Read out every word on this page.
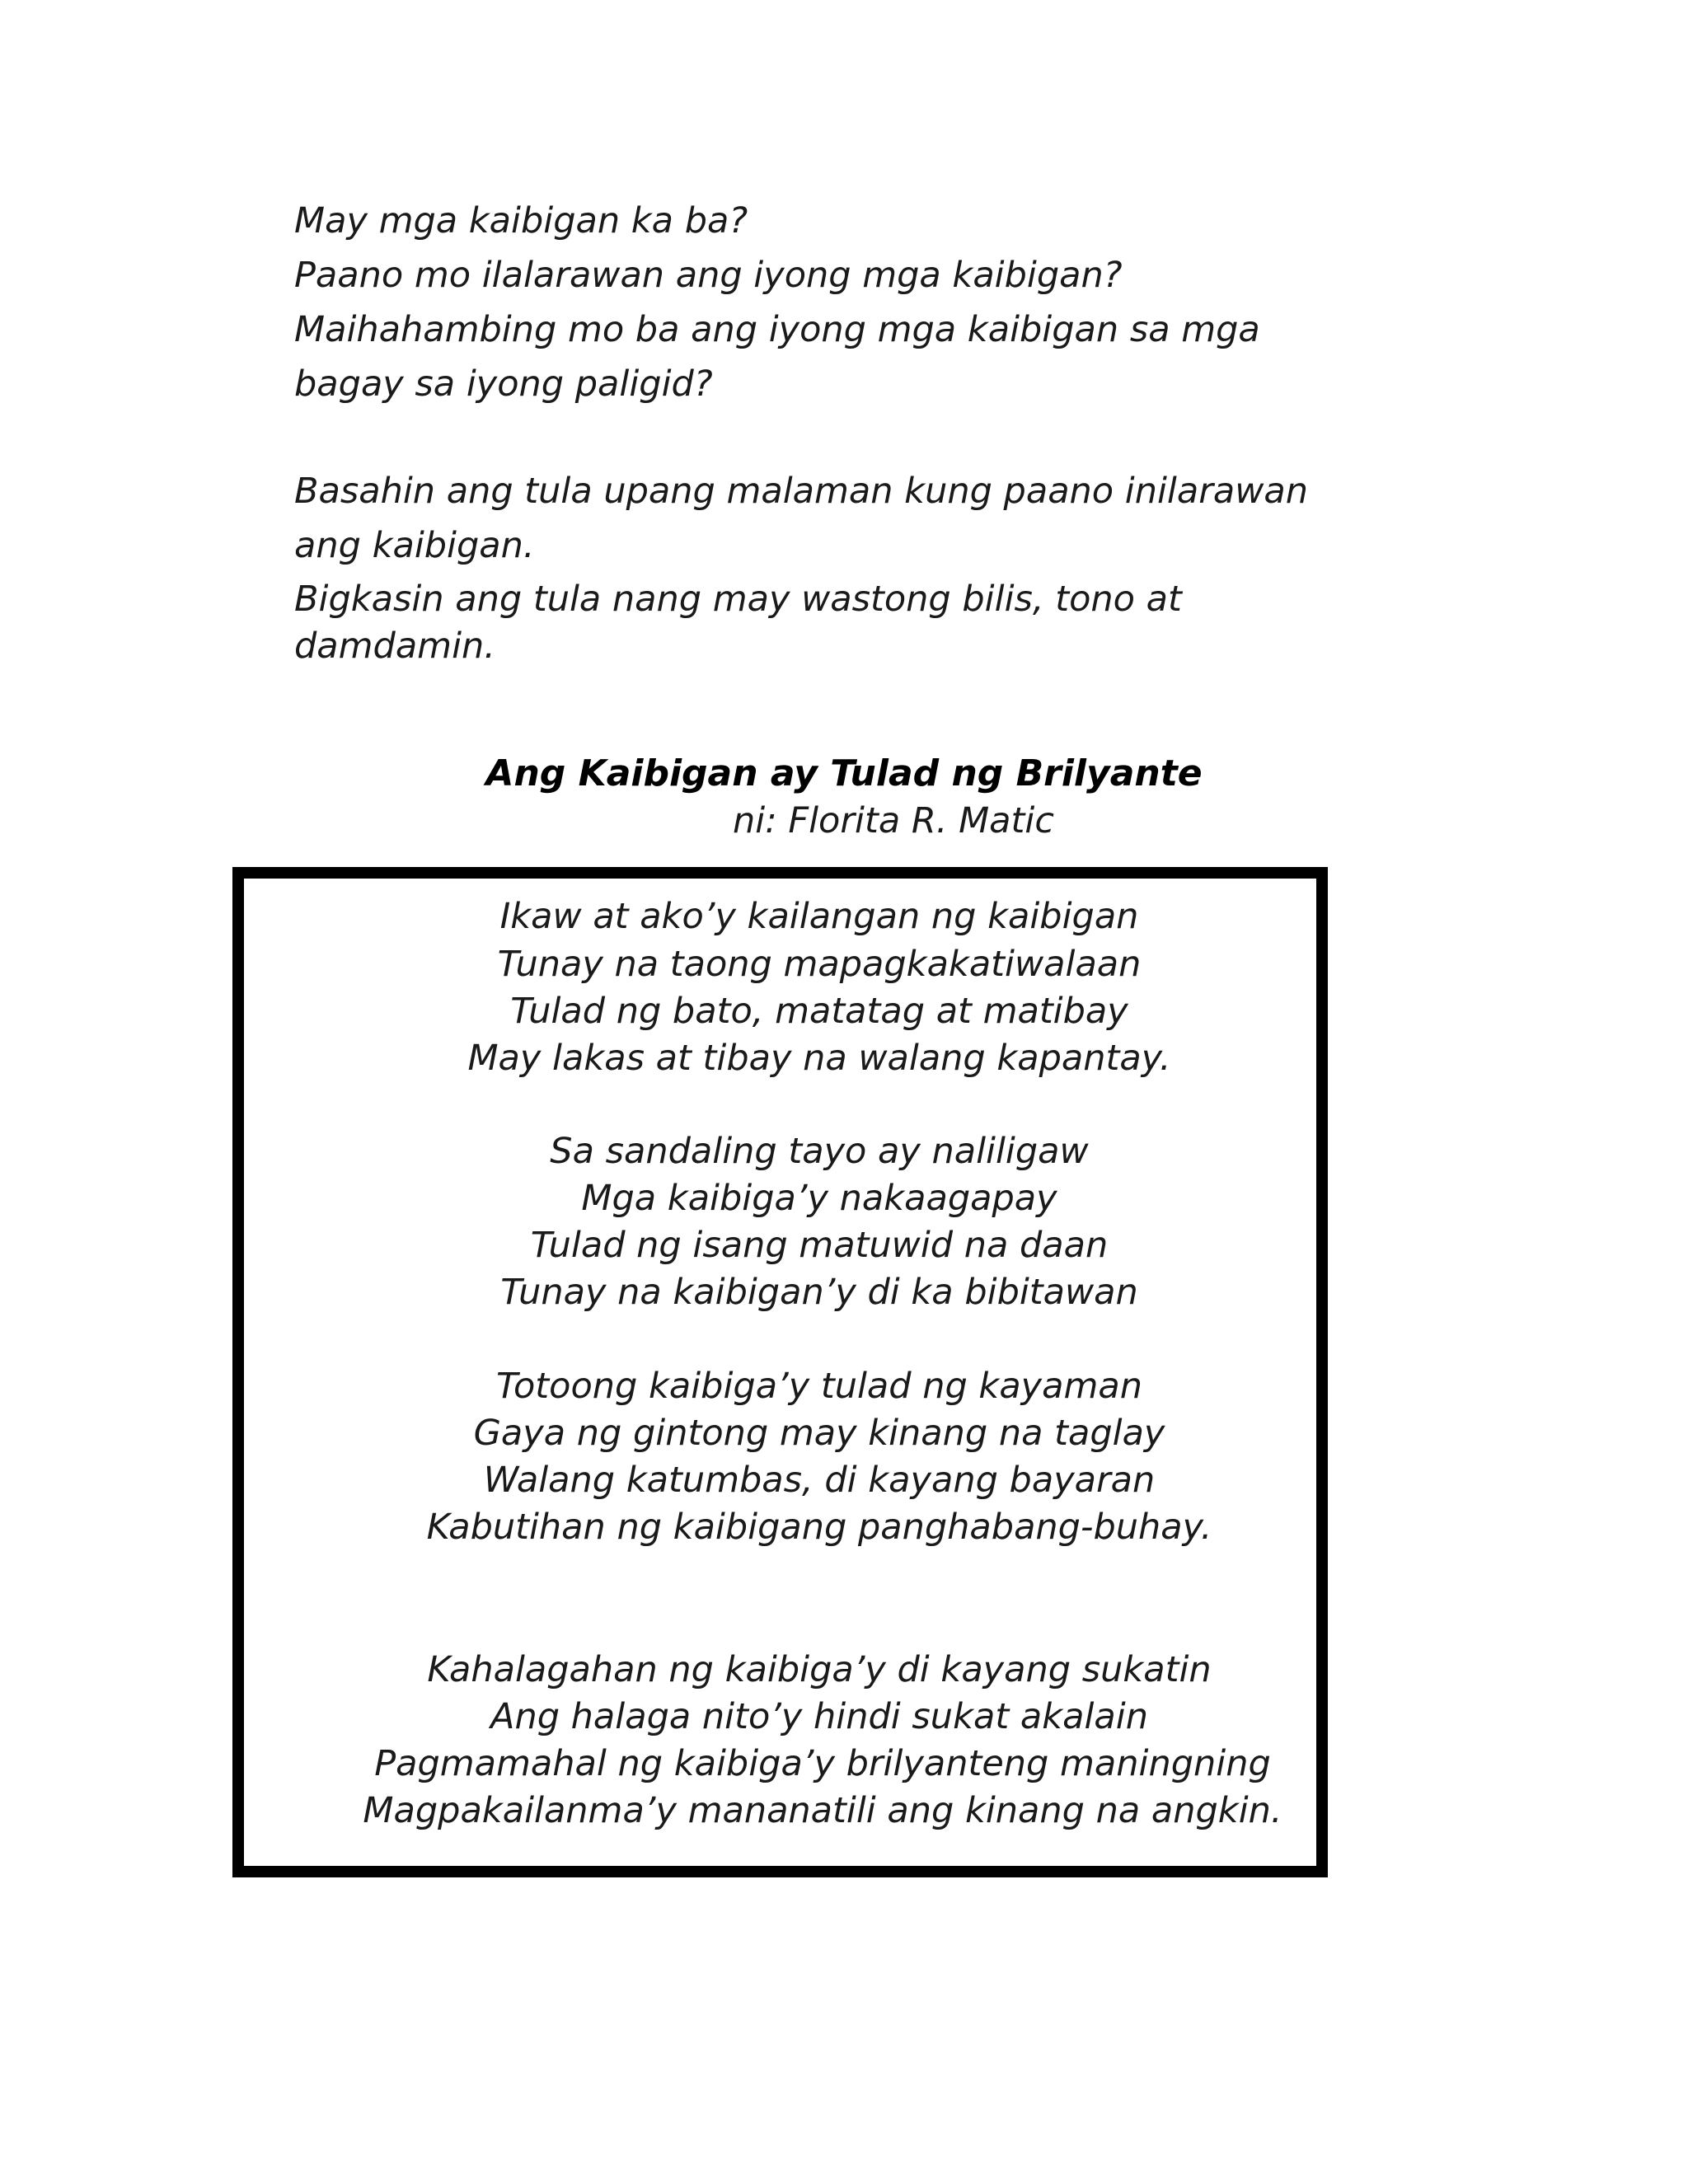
May mga kaibigan ka ba?
Paano mo ilalarawan ang iyong mga kaibigan?
Maihahambing mo ba ang iyong mga kaibigan sa mga
bagay sa iyong paligid?
Basahin ang tula upang malaman kung paano inilarawan
ang kaibigan.
Bigkasin ang tula nang may wastong bilis, tono at
damdamin.
Ang Kaibigan ay Tulad ng Brilyante
ni: Florita R. Matic
Ikaw at ako’y kailangan ng kaibigan
Tunay na taong mapagkakatiwalaan
Tulad ng bato, matatag at matibay
May lakas at tibay na walang kapantay.
Sa sandaling tayo ay naliligaw
Mga kaibiga’y nakaagapay
Tulad ng isang matuwid na daan
Tunay na kaibigan’y di ka bibitawan
Totoong kaibiga’y tulad ng kayaman
Gaya ng gintong may kinang na taglay
Walang katumbas, di kayang bayaran
Kabutihan ng kaibigang panghabang-buhay.
Kahalagahan ng kaibiga’y di kayang sukatin
Ang halaga nito’y hindi sukat akalain
Pagmamahal ng kaibiga’y brilyanteng maningning
Magpakailanma’y mananatili ang kinang na angkin.
